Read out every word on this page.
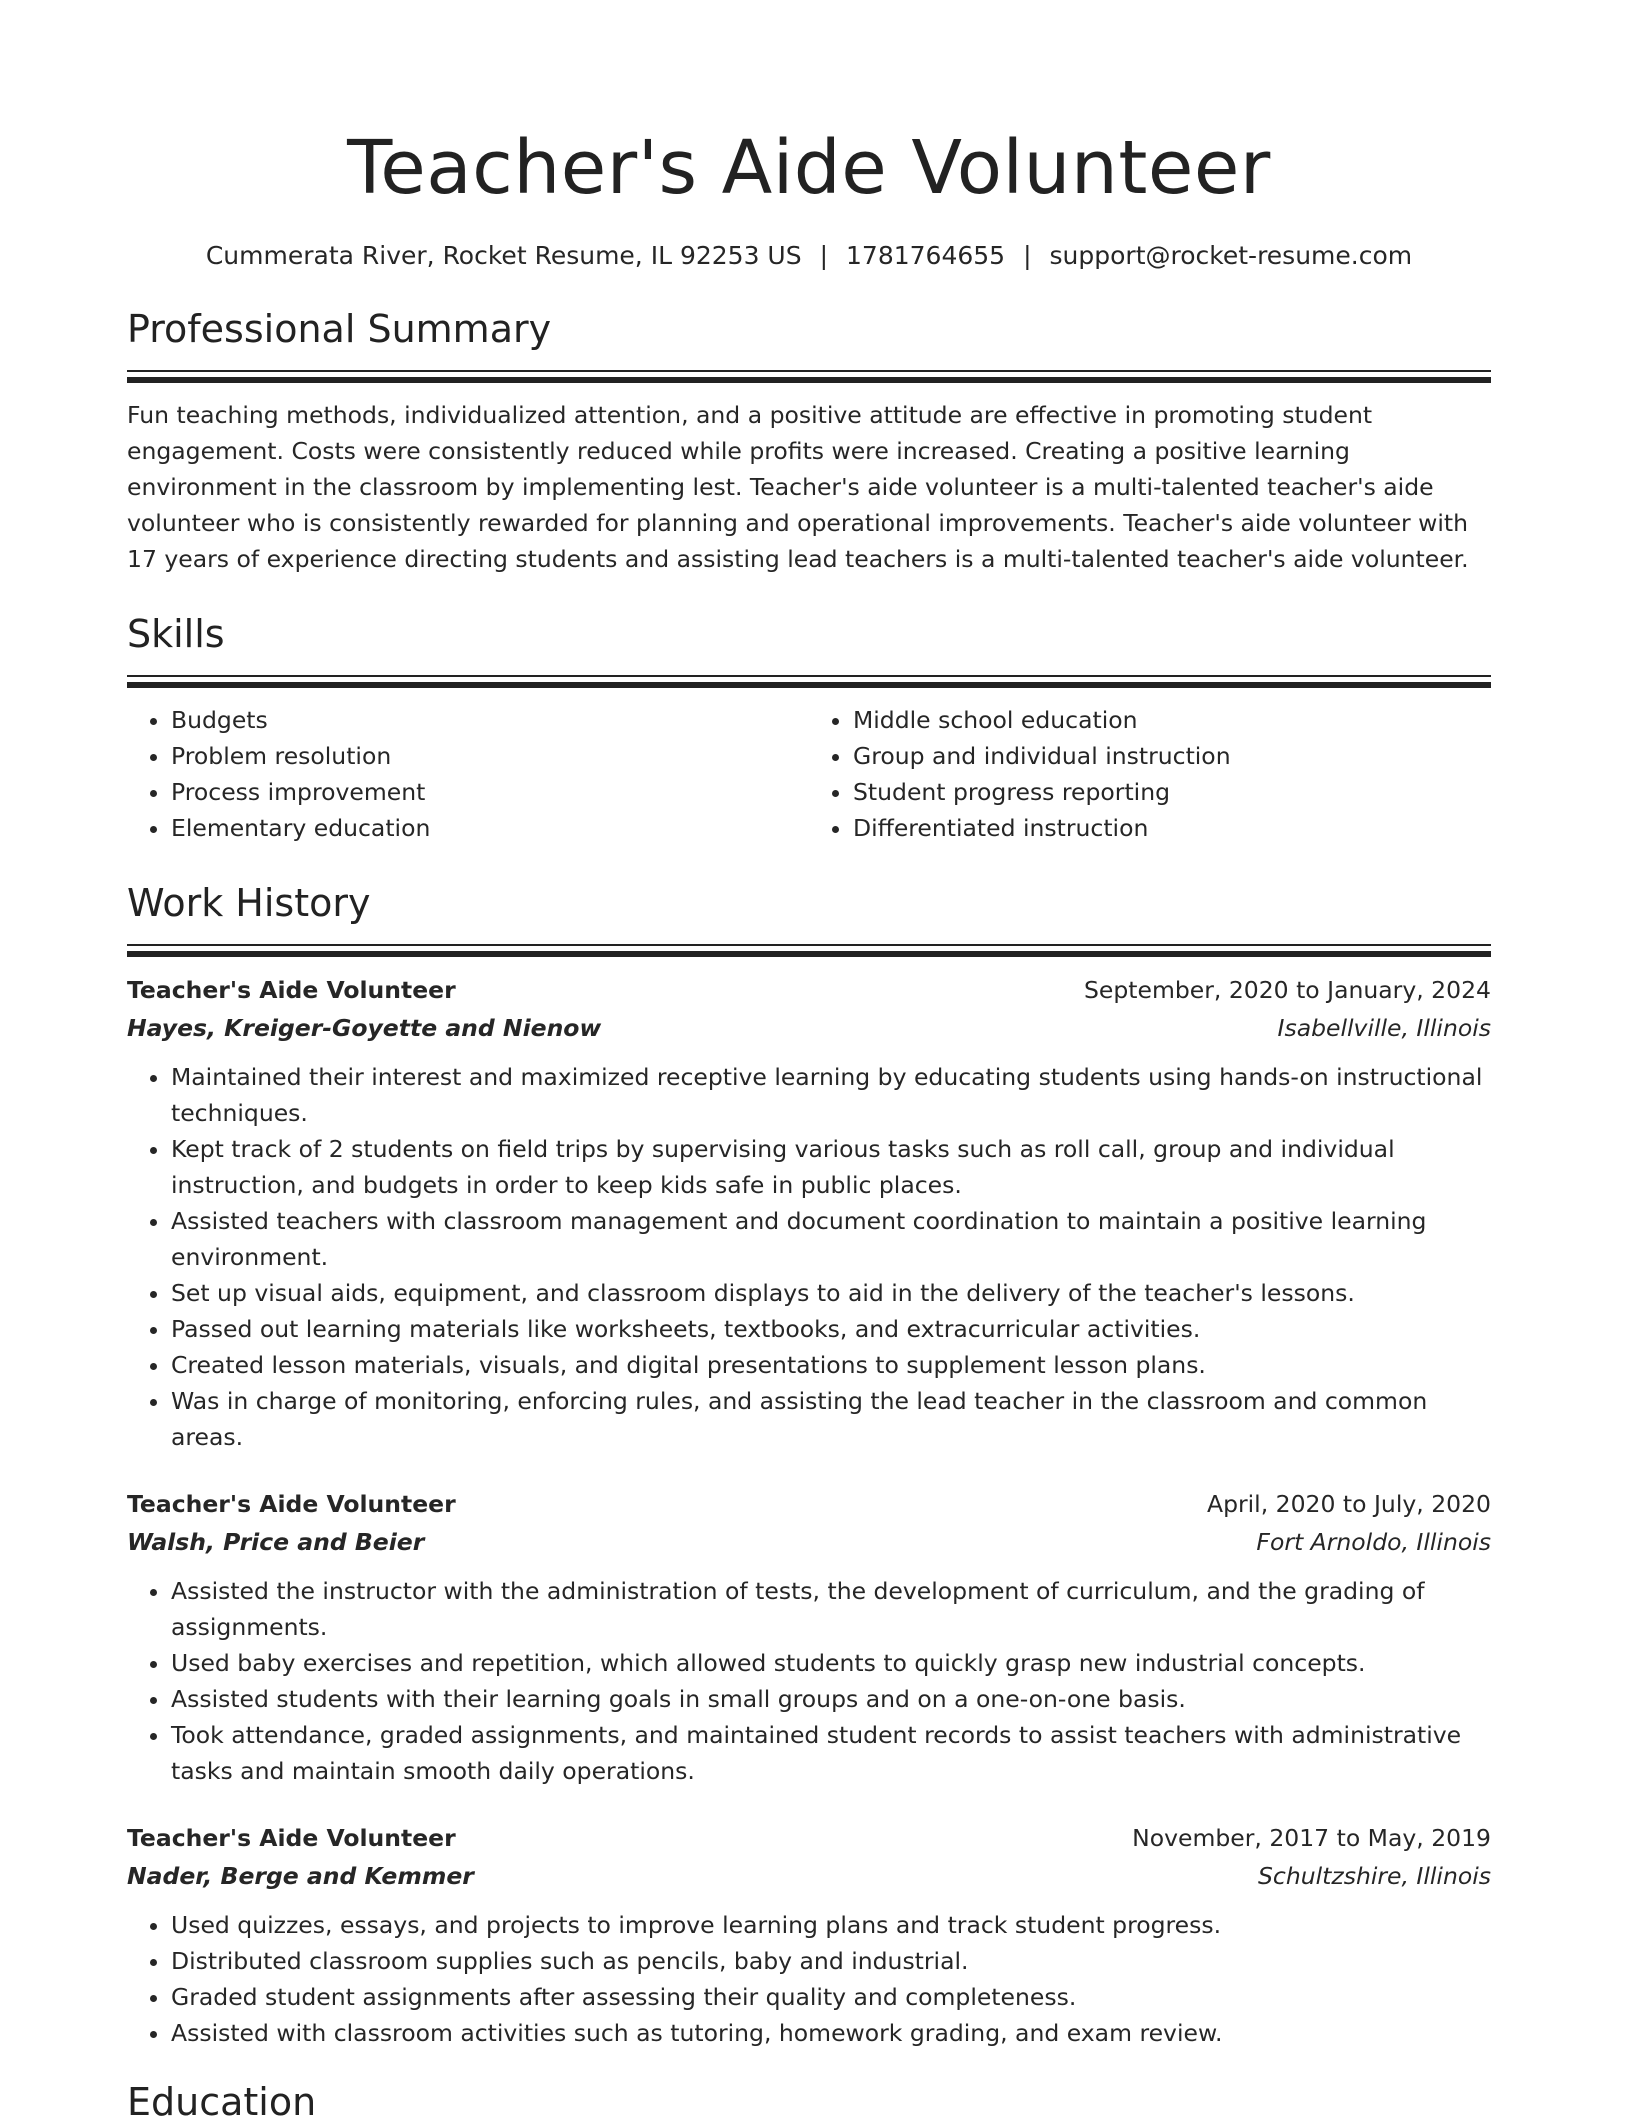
Teacher's Aide Volunteer
Cummerata River, Rocket Resume, IL 92253 US | 1781764655 | support@rocket-resume.com
Professional Summary
Fun teaching methods, individualized attention, and a positive attitude are effective in promoting student engagement. Costs were consistently reduced while profits were increased. Creating a positive learning environment in the classroom by implementing lest. Teacher's aide volunteer is a multi-talented teacher's aide volunteer who is consistently rewarded for planning and operational improvements. Teacher's aide volunteer with 17 years of experience directing students and assisting lead teachers is a multi-talented teacher's aide volunteer.
Skills
• Budgets
• Problem resolution
• Process improvement
• Elementary education
• Middle school education
• Group and individual instruction
• Student progress reporting
• Differentiated instruction
Work History
Teacher's Aide Volunteer	September, 2020 to January, 2024
Hayes, Kreiger-Goyette and Nienow	Isabellville, Illinois
• Maintained their interest and maximized receptive learning by educating students using hands-on instructional techniques.
• Kept track of 2 students on field trips by supervising various tasks such as roll call, group and individual instruction, and budgets in order to keep kids safe in public places.
• Assisted teachers with classroom management and document coordination to maintain a positive learning environment.
• Set up visual aids, equipment, and classroom displays to aid in the delivery of the teacher's lessons.
• Passed out learning materials like worksheets, textbooks, and extracurricular activities.
• Created lesson materials, visuals, and digital presentations to supplement lesson plans.
• Was in charge of monitoring, enforcing rules, and assisting the lead teacher in the classroom and common areas.
Teacher's Aide Volunteer	April, 2020 to July, 2020
Walsh, Price and Beier	Fort Arnoldo, Illinois
• Assisted the instructor with the administration of tests, the development of curriculum, and the grading of assignments.
• Used baby exercises and repetition, which allowed students to quickly grasp new industrial concepts.
• Assisted students with their learning goals in small groups and on a one-on-one basis.
• Took attendance, graded assignments, and maintained student records to assist teachers with administrative tasks and maintain smooth daily operations.
Teacher's Aide Volunteer	November, 2017 to May, 2019
Nader, Berge and Kemmer	Schultzshire, Illinois
• Used quizzes, essays, and projects to improve learning plans and track student progress.
• Distributed classroom supplies such as pencils, baby and industrial.
• Graded student assignments after assessing their quality and completeness.
• Assisted with classroom activities such as tutoring, homework grading, and exam review.
Education
